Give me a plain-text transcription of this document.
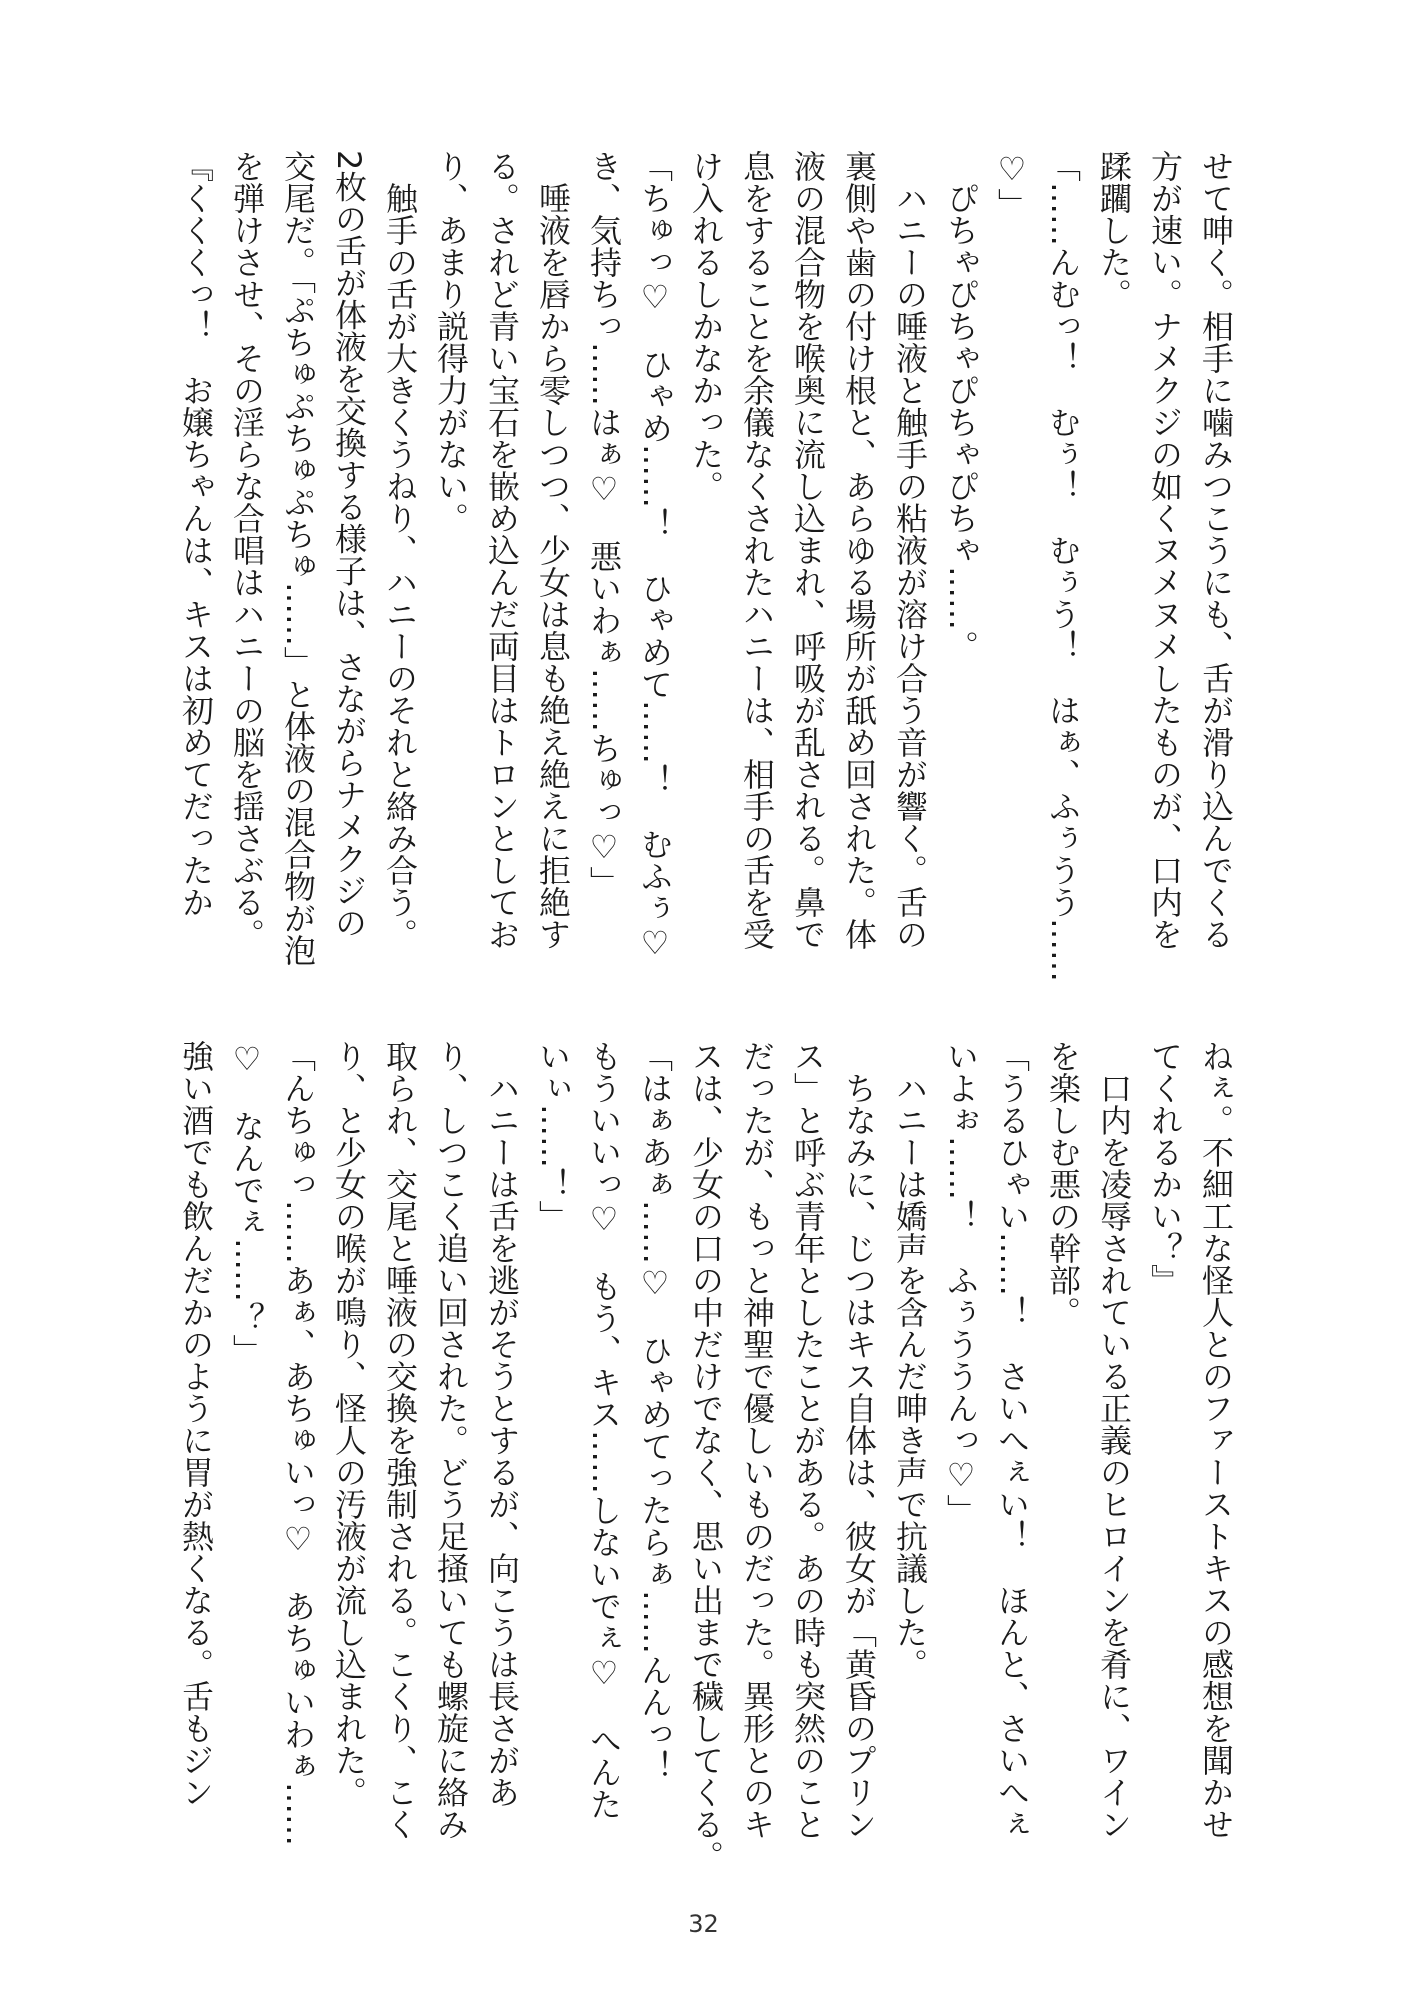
せて呻く。相手に噛みつこうにも、舌が滑り込んでくる
方が速い。ナメクジの如くヌメヌメしたものが、口内を
蹂躙した。
「……んむっ！　むぅ！　むぅう！　はぁ、ふぅうう……
♡」
　ぴちゃぴちゃぴちゃぴちゃ……。
　ハニーの唾液と触手の粘液が溶け合う音が響く。舌の
裏側や歯の付け根と、あらゆる場所が舐め回された。体
液の混合物を喉奥に流し込まれ、呼吸が乱される。鼻で
息をすることを余儀なくされたハニーは、相手の舌を受
け入れるしかなかった。
「ちゅっ♡　ひゃめ……！　ひゃめて……！　むふぅ♡
き、気持ちっ……はぁ♡　悪いわぁ……ちゅっ♡」
　唾液を唇から零しつつ、少女は息も絶え絶えに拒絶す
る。されど青い宝石を嵌め込んだ両目はトロンとしてお
り、あまり説得力がない。
　触手の舌が大きくうねり、ハニーのそれと絡み合う。
2枚の舌が体液を交換する様子は、さながらナメクジの
交尾だ。「ぷちゅぷちゅぷちゅ……」と体液の混合物が泡
を弾けさせ、その淫らな合唱はハニーの脳を揺さぶる。
『くくくっ！　お嬢ちゃんは、キスは初めてだったか
ねぇ。不細工な怪人とのファーストキスの感想を聞かせ
てくれるかい？』
　口内を凌辱されている正義のヒロインを肴に、ワイン
を楽しむ悪の幹部。
「うるひゃい……！　さいへぇい！　ほんと、さいへぇ
いよぉ……！　ふぅううんっ♡」
　ハニーは嬌声を含んだ呻き声で抗議した。
　ちなみに、じつはキス自体は、彼女が「黄昏のプリン
ス」と呼ぶ青年としたことがある。あの時も突然のこと
だったが、もっと神聖で優しいものだった。異形とのキ
スは、少女の口の中だけでなく、思い出まで穢してくる。
「はぁあぁ……♡　ひゃめてったらぁ……んんっ！
もういいっ♡　もう、キス……しないでぇ♡　へんた
いぃ……！」
　ハニーは舌を逃がそうとするが、向こうは長さがあ
り、しつこく追い回された。どう足掻いても螺旋に絡み
取られ、交尾と唾液の交換を強制される。こくり、こく
り、と少女の喉が鳴り、怪人の汚液が流し込まれた。
「んちゅっ……あぁ、あちゅいっ♡　あちゅいわぁ……
♡　なんでぇ……？」
強い酒でも飲んだかのように胃が熱くなる。舌もジン
32
